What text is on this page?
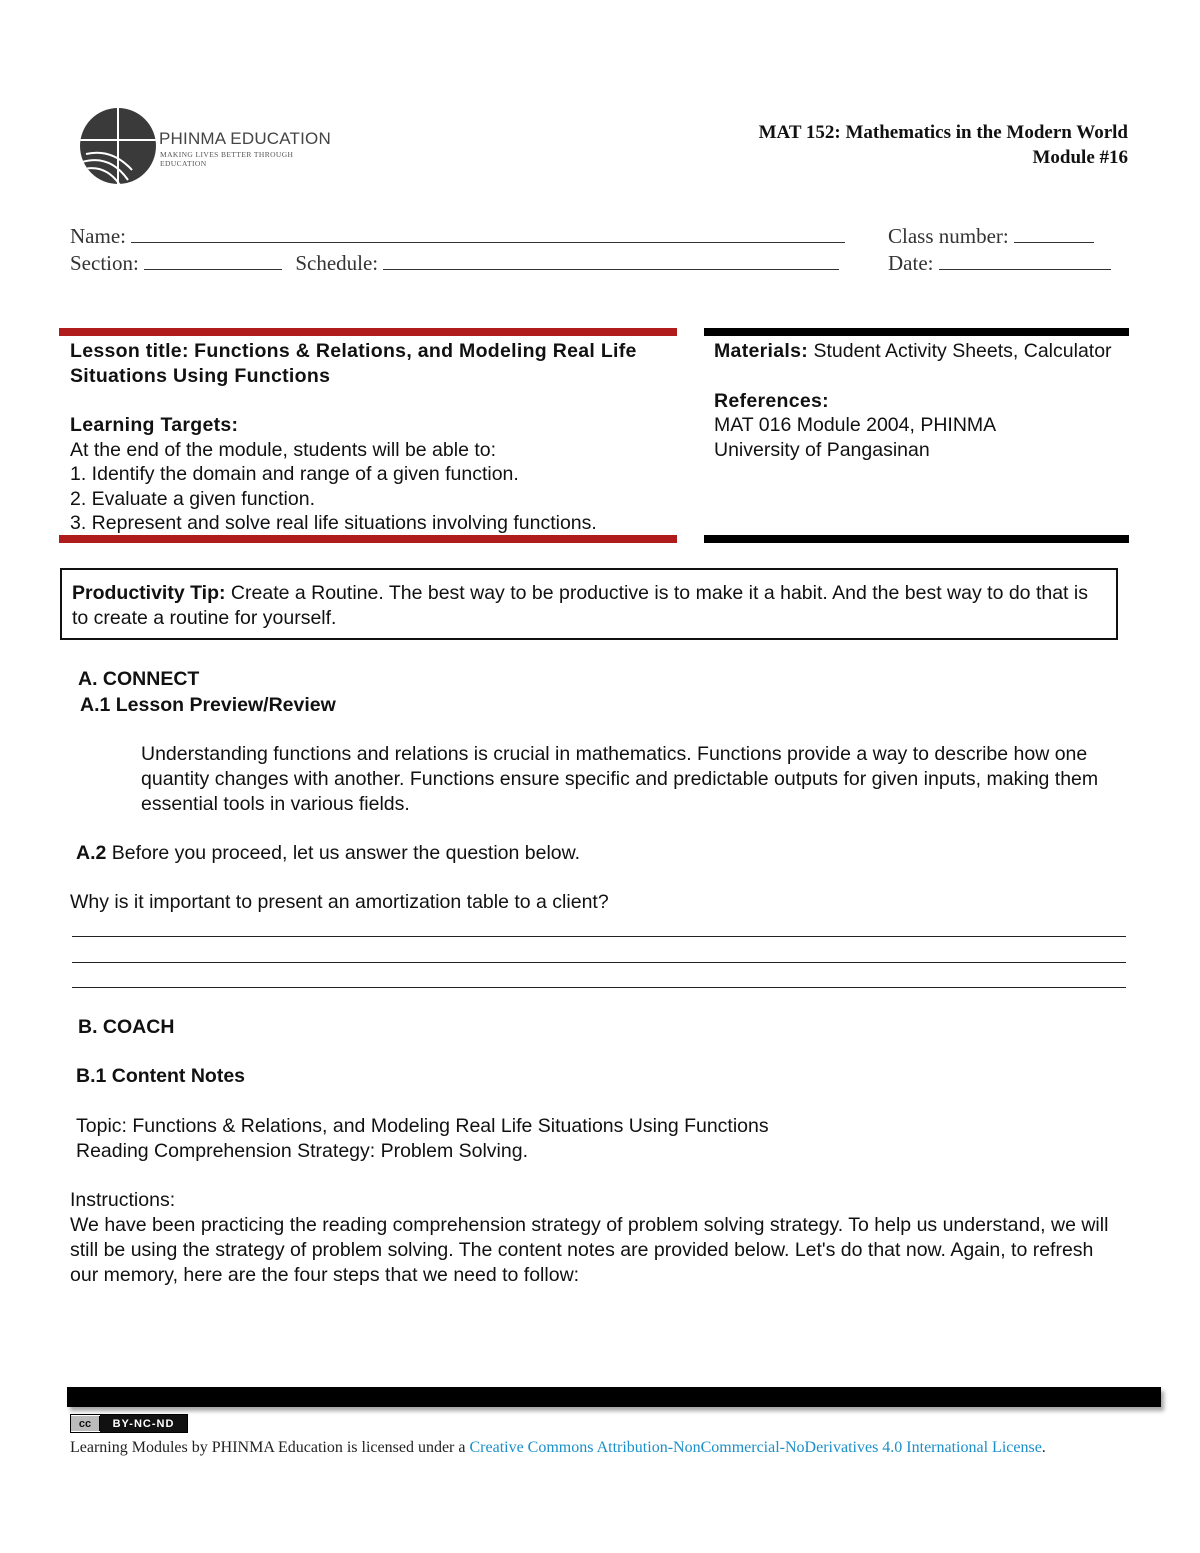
PHINMA EDUCATION
MAKING LIVES BETTER THROUGH EDUCATION
MAT 152: Mathematics in the Modern World
Module #16
Name:	Class number:
Section:	Schedule:	Date:
Lesson title: Functions & Relations, and Modeling Real Life Situations Using Functions
Learning Targets:
At the end of the module, students will be able to:
1. Identify the domain and range of a given function.
2. Evaluate a given function.
3. Represent and solve real life situations involving functions.
Materials: Student Activity Sheets, Calculator
References:
MAT 016 Module 2004, PHINMA University of Pangasinan
Productivity Tip: Create a Routine. The best way to be productive is to make it a habit. And the best way to do that is to create a routine for yourself.
A. CONNECT
A.1 Lesson Preview/Review
Understanding functions and relations is crucial in mathematics. Functions provide a way to describe how one quantity changes with another. Functions ensure specific and predictable outputs for given inputs, making them essential tools in various fields.
A.2 Before you proceed, let us answer the question below.
Why is it important to present an amortization table to a client?
B. COACH
B.1 Content Notes
Topic: Functions & Relations, and Modeling Real Life Situations Using Functions
Reading Comprehension Strategy: Problem Solving.
Instructions:
We have been practicing the reading comprehension strategy of problem solving strategy. To help us understand, we will still be using the strategy of problem solving. The content notes are provided below. Let's do that now. Again, to refresh our memory, here are the four steps that we need to follow:
cc	BY-NC-ND
Learning Modules by PHINMA Education is licensed under a Creative Commons Attribution-NonCommercial-NoDerivatives 4.0 International License.
